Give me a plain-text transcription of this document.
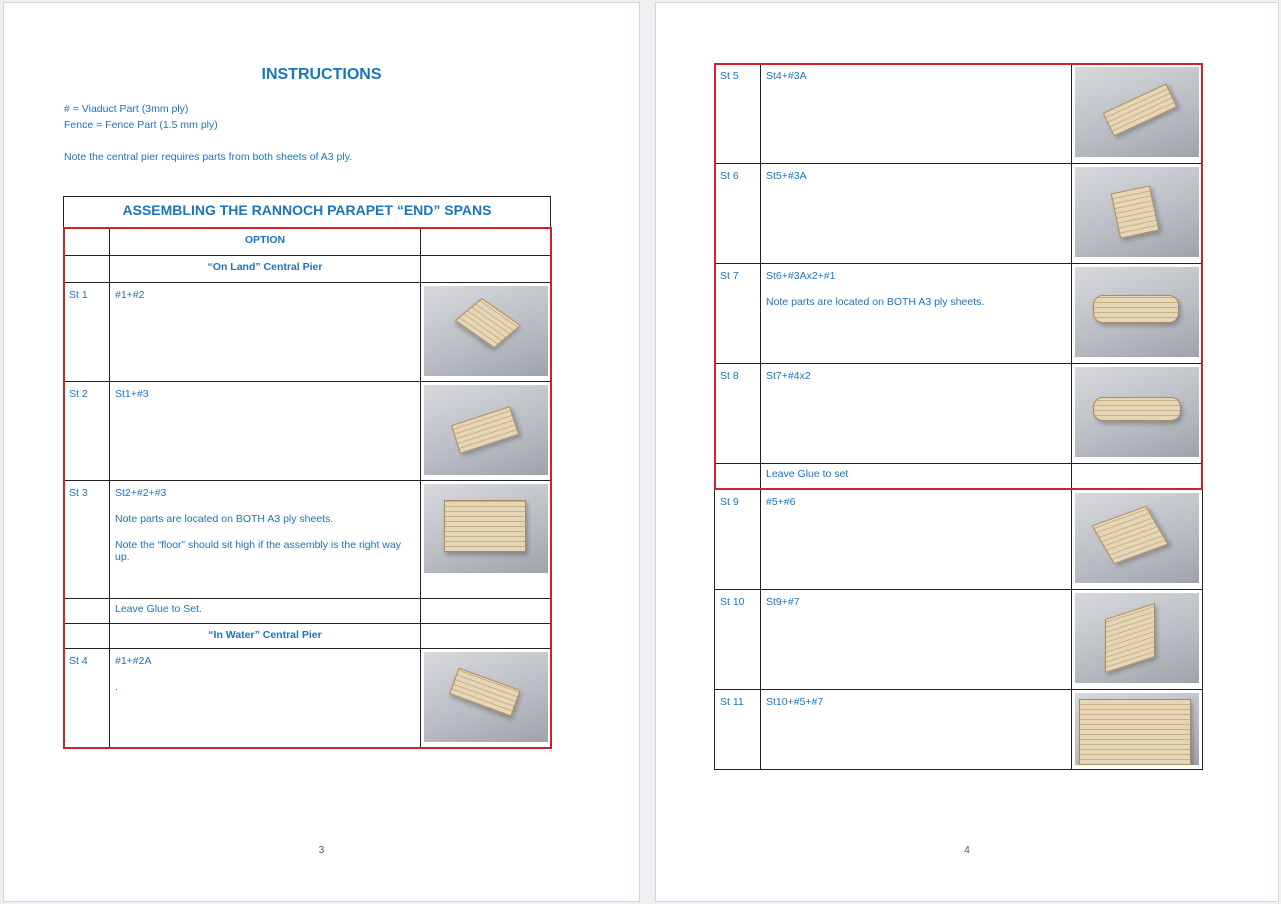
INSTRUCTIONS
# = Viaduct Part (3mm ply)
Fence = Fence Part (1.5 mm ply)
Note the central pier requires parts from both sheets of A3 ply.
ASSEMBLING THE RANNOCH PARAPET “END” SPANS
	OPTION	
	“On Land” Central Pier	
St 1	#1+#2	

St 2	St1+#3	

St 3	St2+#2+#3

Note parts are located on BOTH A3 ply sheets.

Note the “floor” should sit high if the assembly is the right way up.	

	Leave Glue to Set.	
	“In Water” Central Pier	
St 4	#1+#2A

.	

3
St 5	St4+#3A	

St 6	St5+#3A	

St 7	St6+#3Ax2+#1

Note parts are located on BOTH A3 ply sheets.	

St 8	St7+#4x2	

	Leave Glue to set	
St 9	#5+#6	

St 10	St9+#7	

St 11	St10+#5+#7	
4
